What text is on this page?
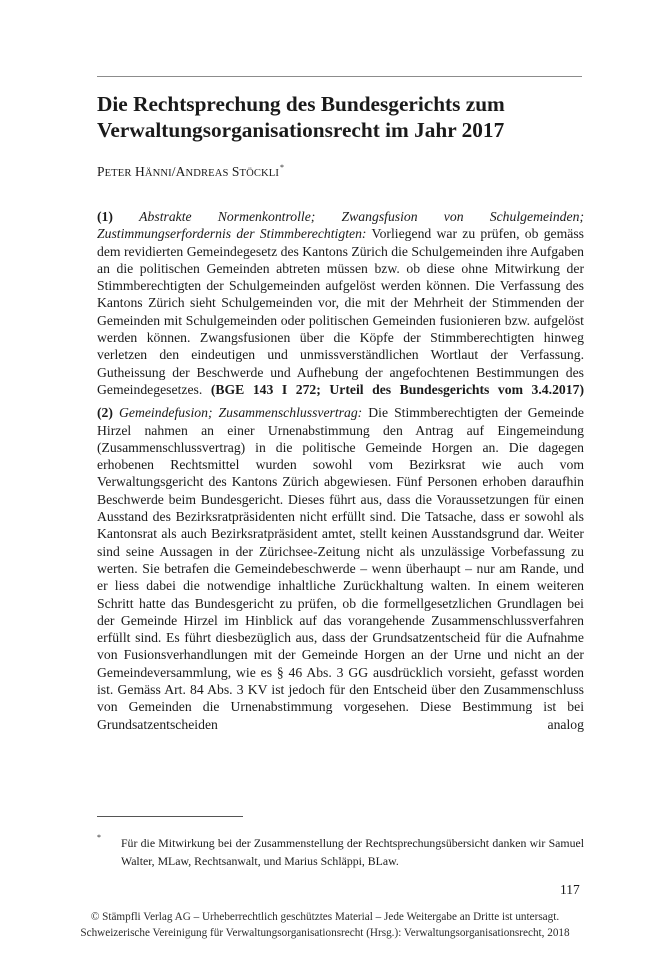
Die Rechtsprechung des Bundesgerichts zum
Verwaltungsorganisationsrecht im Jahr 2017

PETER HÄNNI/ANDREAS STÖCKLI*

(1) Abstrakte Normenkontrolle; Zwangsfusion von Schulgemeinden; Zustimmungserfordernis der Stimmberechtigten: Vorliegend war zu prüfen, ob gemäss dem revidierten Gemeindegesetz des Kantons Zürich die Schulgemeinden ihre Aufgaben an die politischen Gemeinden abtreten müssen bzw. ob diese ohne Mitwirkung der Stimmberechtigten der Schulgemeinden aufgelöst werden können. Die Verfassung des Kantons Zürich sieht Schulgemeinden vor, die mit der Mehrheit der Stimmenden der Gemeinden mit Schulgemeinden oder politischen Gemeinden fusionieren bzw. aufgelöst werden können. Zwangsfusionen über die Köpfe der Stimmberechtigten hinweg verletzen den eindeutigen und unmissverständlichen Wortlaut der Verfassung. Gutheissung der Beschwerde und Aufhebung der angefochtenen Bestimmungen des Gemeindegesetzes. (BGE 143 I 272; Urteil des Bundesgerichts vom 3.4.2017)

(2) Gemeindefusion; Zusammenschlussvertrag: Die Stimmberechtigten der Gemeinde Hirzel nahmen an einer Urnenabstimmung den Antrag auf Eingemeindung (Zusammenschlussvertrag) in die politische Gemeinde Horgen an. Die dagegen erhobenen Rechtsmittel wurden sowohl vom Bezirksrat wie auch vom Verwaltungsgericht des Kantons Zürich abgewiesen. Fünf Personen erhoben daraufhin Beschwerde beim Bundesgericht. Dieses führt aus, dass die Voraussetzungen für einen Ausstand des Bezirksratpräsidenten nicht erfüllt sind. Die Tatsache, dass er sowohl als Kantonsrat als auch Bezirksratpräsident amtet, stellt keinen Ausstandsgrund dar. Weiter sind seine Aussagen in der Zürichsee-Zeitung nicht als unzulässige Vorbefassung zu werten. Sie betrafen die Gemeindebeschwerde – wenn überhaupt – nur am Rande, und er liess dabei die notwendige inhaltliche Zurückhaltung walten. In einem weiteren Schritt hatte das Bundesgericht zu prüfen, ob die formellgesetzlichen Grundlagen bei der Gemeinde Hirzel im Hinblick auf das vorangehende Zusammenschlussverfahren erfüllt sind. Es führt diesbezüglich aus, dass der Grundsatzentscheid für die Aufnahme von Fusionsverhandlungen mit der Gemeinde Horgen an der Urne und nicht an der Gemeindeversammlung, wie es § 46 Abs. 3 GG ausdrücklich vorsieht, gefasst worden ist. Gemäss Art. 84 Abs. 3 KV ist jedoch für den Entscheid über den Zusammenschluss von Gemeinden die Urnenabstimmung vorgesehen. Diese Bestimmung ist bei Grundsatzentscheiden analog

* Für die Mitwirkung bei der Zusammenstellung der Rechtsprechungsübersicht danken wir Samuel Walter, MLaw, Rechtsanwalt, und Marius Schläppi, BLaw.
117
© Stämpfli Verlag AG – Urheberrechtlich geschütztes Material – Jede Weitergabe an Dritte ist untersagt.
Schweizerische Vereinigung für Verwaltungsorganisationsrecht (Hrsg.): Verwaltungsorganisationsrecht, 2018
